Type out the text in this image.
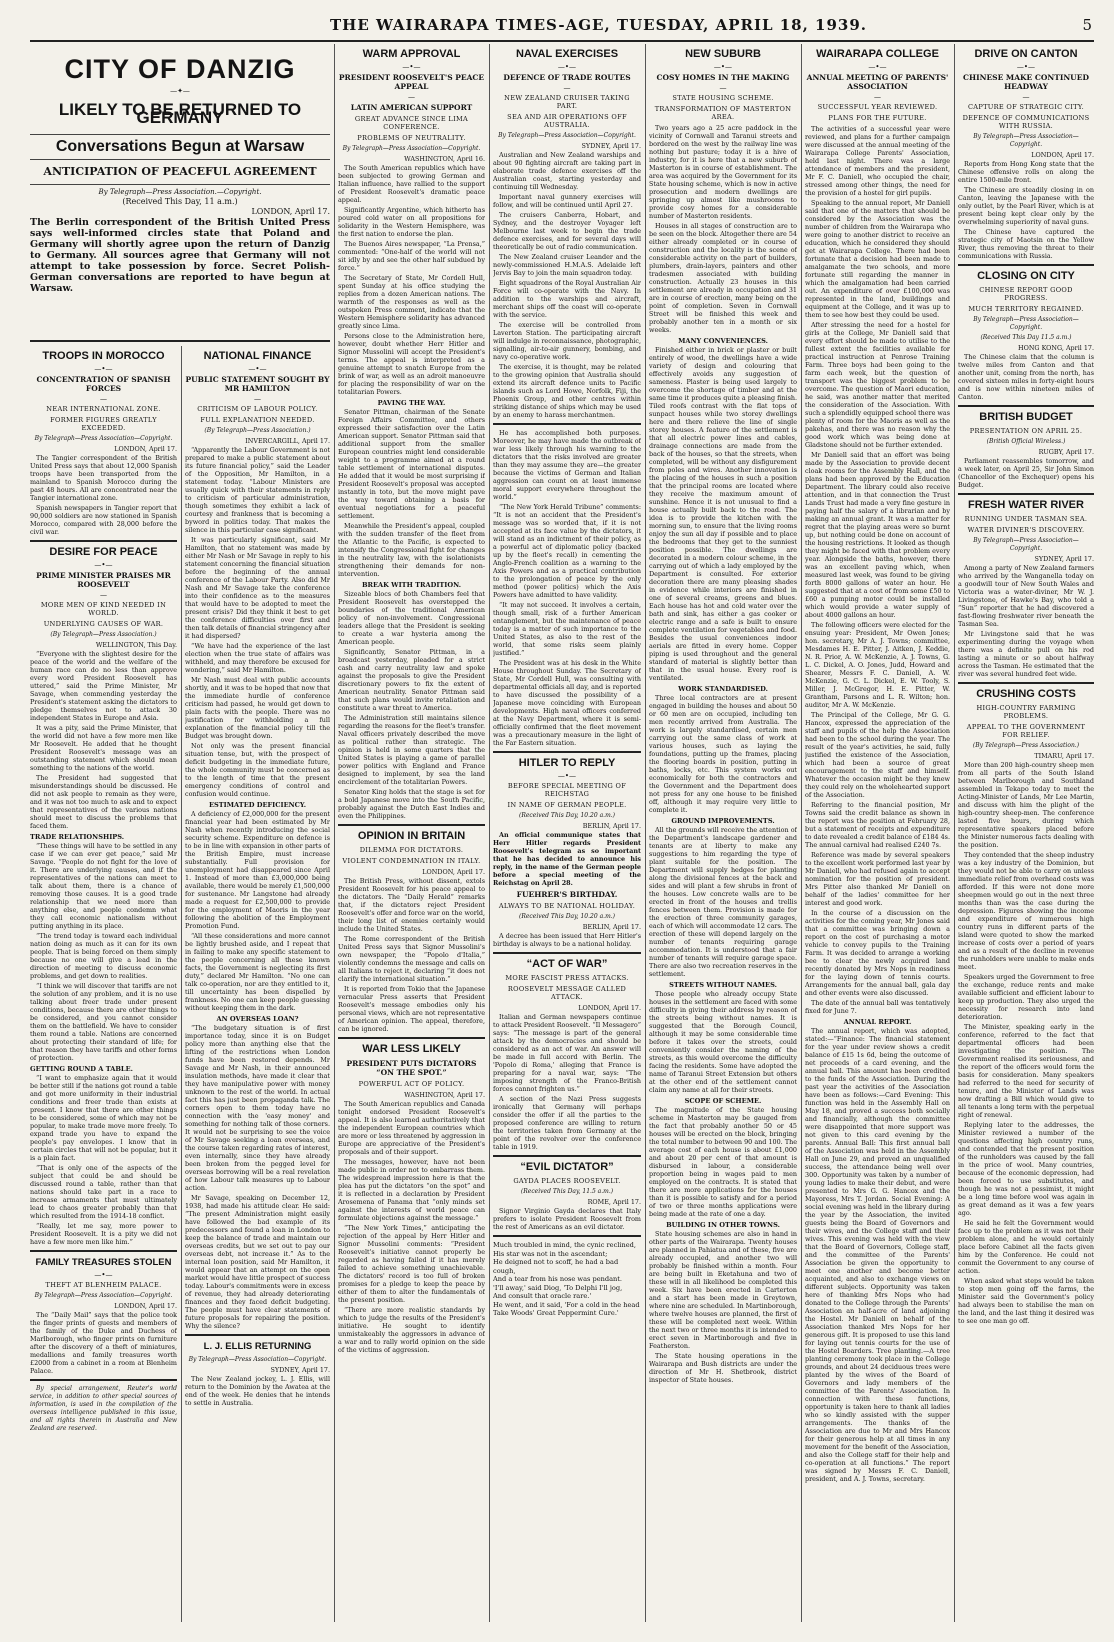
THE WAIRARAPA TIMES-AGE, TUESDAY, APRIL 18, 1939.	5
CITY OF DANZIG
—✦—
LIKELY TO BE RETURNED TO GERMANY
Conversations Begun at Warsaw
ANTICIPATION OF PEACEFUL AGREEMENT
By Telegraph—Press Association.—Copyright.
(Received This Day, 11 a.m.)
LONDON, April 17.
The Berlin correspondent of the British United Press says well-informed circles state that Poland and Germany will shortly agree upon the return of Danzig to Germany. All sources agree that Germany will not attempt to take possession by force. Secret Polish-German conversations are reported to have begun at Warsaw.
TROOPS IN MOROCCO
—•—
CONCENTRATION OF SPANISH FORCES
—
NEAR INTERNATIONAL ZONE.
FORMER FIGURES GREATLY EXCEEDED.
By Telegraph—Press Association—Copyright.
LONDON, April 17.

The Tangier correspondent of the British United Press says that about 12,000 Spanish troops have been transported from the mainland to Spanish Morocco during the past 48 hours. All are concentrated near the Tangier international zone.

Spanish newspapers in Tangier report that 90,000 soldiers are now stationed in Spanish Morocco, compared with 28,000 before the civil war.

DESIRE FOR PEACE
—•—
PRIME MINISTER PRAISES MR ROOSEVELT
—
MORE MEN OF KIND NEEDED IN WORLD.
UNDERLYING CAUSES OF WAR.
(By Telegraph—Press Association.)
WELLINGTON, This Day.

“Everyone with the slightest desire for the peace of the world and the welfare of the human race can do no less than approve every word President Roosevelt has uttered,” said the Prime Minister, Mr Savage, when commending yesterday the President's statement asking the dictators to pledge themselves not to attack 30 independent States in Europe and Asia.

It was a pity, said the Prime Minister, that the world did not have a few more men like Mr Roosevelt. He added that he thought President Roosevelt's message was an outstanding statement which should mean something to the nations of the world.

The President had suggested that misunderstandings should be discussed. He did not ask people to remain as they were, and it was not too much to ask and to expect that representatives of the various nations should meet to discuss the problems that faced them.

TRADE RELATIONSHIPS.

“These things will have to be settled in any case if we can ever get peace,” said Mr Savage. “People do not fight for the love of it. There are underlying causes, and if the representatives of the nations can meet to talk about them, there is a chance of removing those causes. It is a good trade relationship that we need more than anything else, and people condemn what they call economic nationalism without putting anything in its place.

“The trend today is toward each individual nation doing as much as it can for its own people. That is being forced on them simply because no one will give a lead in the direction of meeting to discuss economic problems, and get down to realities.

“I think we will discover that tariffs are not the solution of any problem, and it is no use talking about freer trade under present conditions, because there are other things to be considered, and you cannot consider them on the battlefield. We have to consider them round a table. Nations are concerned about protecting their standard of life; for that reason they have tariffs and other forms of protection.

GETTING ROUND A TABLE.

“I want to emphasize again that it would be better still if the nations got round a table and got more uniformity in their industrial conditions and freer trade than exists at present. I know that there are other things to be considered, some of which may not be popular, to make trade move more freely. To expand trade you have to expand the people's pay envelopes. I know that in certain circles that will not be popular, but it is a plain fact.

“That is only one of the aspects of the subject that could be and should be discussed round a table, rather than that nations should take part in a race to increase armaments that must ultimately lead to chaos greater probably than that which resulted from the 1914-18 conflict.

“Really, let me say, more power to President Roosevelt. It is a pity we did not have a few more men like him.”

FAMILY TREASURES STOLEN
—•—
THEFT AT BLENHEIM PALACE.
By Telegraph—Press Association—Copyright.
LONDON, April 17.

The “Daily Mail” says that the police took the finger prints of guests and members of the family of the Duke and Duchess of Marlborough, who finger prints on furniture after the discovery of a theft of miniatures, medallions and family treasures worth £2000 from a cabinet in a room at Blenheim Palace.

By special arrangement, Reuter's world service, in addition to other special sources of information, is used in the compilation of the overseas intelligence published in this issue, and all rights therein in Australia and New Zealand are reserved.

NATIONAL FINANCE
—•—
PUBLIC STATEMENT SOUGHT BY MR HAMILTON
—
CRITICISM OF LABOUR POLICY.
FULL EXPLANATION NEEDED.
(By Telegraph—Press Association.)
INVERCARGILL, April 17.

“Apparently the Labour Government is not prepared to make a public statement about its future financial policy,” said the Leader of the Opposition, Mr Hamilton, in a statement today. “Labour Ministers are usually quick with their statements in reply to criticism of particular administration, though sometimes they exhibit a lack of courtesy and frankness that is becoming a byword in politics today. That makes the silence in this particular case significant.

It was particularly significant, said Mr Hamilton, that no statement was made by either Mr Nash or Mr Savage in reply to his statement concerning the financial situation before the beginning of the annual conference of the Labour Party. Also did Mr Nash and Mr Savage take the conference into their confidence as to the measures that would have to be adopted to meet the present crisis? Did they think it best to get the conference difficulties over first and then talk details of financial stringency after it had dispersed?

“We have had the experience of the last election when the true state of affairs was withheld, and may therefore be excused for wondering,” said Mr Hamilton.

Mr Nash must deal with public accounts shortly, and it was to be hoped that now that the immediate hurdle of conference criticism had passed, he would get down to plain facts with the people. There was no justification for withholding a full explanation of the financial policy till the Budget was brought down.

Not only was the present financial situation tense, but, with the prospect of deficit budgeting in the immediate future, the whole community must be concerned as to the length of time that the present emergency conditions of control and confusion would continue.

ESTIMATED DEFICIENCY.

A deficiency of £2,000,000 for the present financial year had been estimated by Mr Nash when recently introducing the social security scheme. Expenditure on defence is to be in line with expansion in other parts of the British Empire, must increase substantially. Full provision for unemployment had disappeared since April 1. Instead of more than £3,000,000 being available, there would be merely £1,500,000 for sustenance. Mr Langstone had already made a request for £2,500,000 to provide for the employment of Maoris in the year following the abolition of the Employment Promotion Fund.

“All these considerations and more cannot be lightly brushed aside, and I repeat that in failing to make any specific statement to the people concerning all these known facts, the Government is neglecting its first duty,” declared Mr Hamilton. “No one can talk co-operation, nor are they entitled to it, till uncertainty has been dispelled by frankness. No one can keep people guessing without keeping them in the dark.

AN OVERSEAS LOAN?

“The budgetary situation is of first importance today, since it is on Budget policy more than anything else that the lifting of the restrictions when London funds have been restored depends. Mr Savage and Mr Nash, in their announced insulation methods, have made it clear that they have manipulative power with money unknown to the rest of the world. In actual fact this has just been propaganda talk. The corners open to them today have no connection with the 'easy money' and something for nothing talk of those corners. It would not be surprising to see the voice of Mr Savage seeking a loan overseas, and the course taken regarding rates of interest, even internally, since they have already been broken from the pegged level for overseas borrowing will be a real revelation of how Labour talk measures up to Labour action.

Mr Savage, speaking on December 12, 1938, had made his attitude clear. He said: “The present Administration might easily have followed the bad example of its predecessors and found a loan in London to keep the balance of trade and maintain our overseas credits, but we set out to pay our overseas debt, not increase it.” As to the internal loan position, said Mr Hamilton, it would appear that an attempt on the open market would have little prospect of success today. Labour's commitments were in excess of revenue, they had already deteriorating finances and they faced deficit budgeting. The people must have clear statements of future proposals for repairing the position. Why the silence?

L. J. ELLIS RETURNING
By Telegraph—Press Association—Copyright.
SYDNEY, April 17.

The New Zealand jockey, L. J. Ellis, will return to the Dominion by the Awatea at the end of the week. He denies that he intends to settle in Australia.

WARM APPROVAL
—•—
PRESIDENT ROOSEVELT'S PEACE APPEAL
—
LATIN AMERICAN SUPPORT
GREAT ADVANCE SINCE LIMA CONFERENCE.
PROBLEMS OF NEUTRALITY.
By Telegraph—Press Association—Copyright.
WASHINGTON, April 16.

The South American republics which have been subjected to growing German and Italian influence, have rallied to the support of President Roosevelt's dramatic peace appeal.

Significantly Argentine, which hitherto has poured cold water on all propositions for solidarity in the Western Hemisphere, was the first nation to endorse the plan.

The Buenos Aires newspaper, “La Prensa,” commented: “One-half of the world will not sit idly by and see the other half subdued by force.”

The Secretary of State, Mr Cordell Hull, spent Sunday at his office studying the replies from a dozen American nations. The warmth of the responses as well as the outspoken Press comment, indicate that the Western Hemisphere solidarity has advanced greatly since Lima.

Persons close to the Administration here, however, doubt whether Herr Hitler and Signor Mussolini will accept the President's terms. The appeal is interpreted as a genuine attempt to snatch Europe from the brink of war, as well as an adroit manoeuvre for placing the responsibility of war on the totalitarian Powers.

PAVING THE WAY.

Senator Pittman, chairman of the Senate Foreign Affairs Committee, and others expressed their satisfaction over the Latin American support. Senator Pittman said that additional support from the smaller European countries might lend considerable weight to a programme aimed at a round table settlement of international disputes. He added that it would be most surprising if President Roosevelt's proposal was accepted instantly in toto, but the move might pave the way toward obtaining a basis for eventual negotiations for a peaceful settlement.

Meanwhile the President's appeal, coupled with the sudden transfer of the fleet from the Atlantic to the Pacific, is expected to intensify the Congressional fight for changes in the neutrality law, with the isolationists strengthening their demands for non-intervention.

BREAK WITH TRADITION.

Sizeable blocs of both Chambers feel that President Roosevelt has overstepped the boundaries of the traditional American policy of non-involvement. Congressional leaders allege that the President is seeking to create a war hysteria among the American people.

Significantly, Senator Pittman, in a broadcast yesterday, pleaded for a strict cash and carry neutrality law and spoke against the proposals to give the President discretionary powers to fix the extent of American neutrality. Senator Pittman said that such plans would invite retaliation and constitute a war threat to America.

The Administration still maintains silence regarding the reasons for the fleet's transfer. Naval officers privately described the move as political rather than strategic. The opinion is held in some quarters that the United States is playing a game of parallel power politics with England and France designed to implement, by sea the land encirclement of the totalitarian Powers.

Senator King holds that the stage is set for a bold Japanese move into the South Pacific, probably against the Dutch East Indies and even the Philippines.

OPINION IN BRITAIN
DILEMMA FOR DICTATORS.
VIOLENT CONDEMNATION IN ITALY.
LONDON, April 17.

The British Press, without dissent, extols President Roosevelt for his peace appeal to the dictators. The “Daily Herald” remarks that, if the dictators reject President Roosevelt's offer and force war on the world, their long list of enemies certainly would include the United States.

The Rome correspondent of the British United Press says that Signor Mussolini's own newspaper, the “Popolo d'Italia,” violently condemns the message and calls on all Italians to reject it, declaring “it does not clarify the international situation.”

It is reported from Tokio that the Japanese vernacular Press asserts that President Roosevelt's message embodies only his personal views, which are not representative of American opinion. The appeal, therefore, can be ignored.

WAR LESS LIKELY
PRESIDENT PUTS DICTATORS “ON THE SPOT.”
POWERFUL ACT OF POLICY.
WASHINGTON, April 17.

The South American republics and Canada tonight endorsed President Roosevelt's appeal. It is also learned authoritatively that the independent European countries which are more or less threatened by aggression in Europe are appreciative of the President's proposals and of their support.

The messages, however, have not been made public in order not to embarrass them. The widespread impression here is that the plea has put the dictators “on the spot” and it is reflected in a declaration by President Arosemena of Panama that “only minds set against the interests of world peace can formulate objections against the message.”

“The New York Times,” anticipating the rejection of the appeal by Herr Hitler and Signor Mussolini comments: “President Roosevelt's initiative cannot properly be regarded as having failed if it has merely failed to achieve something unachievable. The dictators' record is too full of broken promises for a pledge to keep the peace by either of them to alter the fundamentals of the present position.

“There are more realistic standards by which to judge the results of the President's initiative. He sought to identify unmistakeably the aggressors in advance of a war and to rally world opinion on the side of the victims of aggression.

NAVAL EXERCISES
—•—
DEFENCE OF TRADE ROUTES
—
NEW ZEALAND CRUISER TAKING PART.
SEA AND AIR OPERATIONS OFF AUSTRALIA.
By Telegraph—Press Association—Copyright.
SYDNEY, April 17.

Australian and New Zealand warships and about 90 fighting aircraft are taking part in elaborate trade defence exercises off the Australian coast, starting yesterday and continuing till Wednesday.

Important naval gunnery exercises will follow, and will be continued until April 27.

The cruisers Canberra, Hobart, and Sydney, and the destroyer Voyager left Melbourne last week to begin the trade defence exercises, and for several days will theoretically be out of radio communication.

The New Zealand cruiser Leander and the newly-commissioned H.M.A.S. Adelaide left Jervis Bay to join the main squadron today.

Eight squadrons of the Royal Australian Air Force will co-operate with the Navy. In addition to the warships and aircraft, merchant ships off the coast will co-operate with the service.

The exercise will be controlled from Laverton Station. The participating aircraft will indulge in reconnaissance, photographic, signalling, air-to-air gunnery, bombing, and navy co-operative work.

The exercise, it is thought, may be related to the growing opinion that Australia should extend its aircraft defence units to Pacific islands such as Lord Howe, Norfolk, Fiji, the Phoenix Group, and other centres within striking distance of ships which may be used by an enemy to harass merchantmen.

He has accomplished both purposes. Moreover, he may have made the outbreak of war less likely through his warning to the dictators that the risks involved are greater than they may assume they are—the greater because the victims of German and Italian aggression can count on at least immense moral support everywhere throughout the world.”

“The New York Herald Tribune” comments: “It is not an accident that the President's message was so worded that, if it is not accepted at its face value by the dictators, it will stand as an indictment of their policy, as a powerful act of diplomatic policy (backed up by the fleet's recall) in cementing the Anglo-French coalition as a warning to the Axis Powers and as a practical contribution to the prolongation of peace by the only method (power politics) which the Axis Powers have admitted to have validity.

“It may not succeed. It involves a certain, though small, risk of a further American entanglement, but the maintenance of peace today is a matter of such importance to the United States, as also to the rest of the world, that some risks seem plainly justified.”

The President was at his desk in the White House throughout Sunday. The Secretary of State, Mr Cordell Hull, was consulting with departmental officials all day, and is reported to have discussed the possibility of a Japanese move coinciding with European developments. High naval officers conferred at the Navy Department, where it is semi-officially confirmed that the fleet movement was a precautionary measure in the light of the Far Eastern situation.

HITLER TO REPLY
—•—
BEFORE SPECIAL MEETING OF REICHSTAG
IN NAME OF GERMAN PEOPLE.
(Received This Day, 10.20 a.m.)
BERLIN, April 17.

An official communique states that Herr Hitler regards President Roosevelt's telegram as so important that he has decided to announce his reply, in the name of the German people before a special meeting of the Reichstag on April 28.

FUEHRER'S BIRTHDAY.
ALWAYS TO BE NATIONAL HOLIDAY.
(Received This Day, 10.20 a.m.)
BERLIN, April 17.

A decree has been issued that Herr Hitler's birthday is always to be a national holiday.

“ACT OF WAR”
MORE FASCIST PRESS ATTACKS.
ROOSEVELT MESSAGE CALLED ATTACK.
LONDON, April 17.

Italian and German newspapers continue to attack President Roosevelt. “Il Messagero” says: “The message is part of the general attack by the democracies and should be considered as an act of war. An answer will be made in full accord with Berlin. The 'Popolo di Roma,' alleging that France is preparing for a naval war, says: “The imposing strength of the Franco-British forces cannot frighten us.”

A section of the Nazi Press suggests ironically that Germany will perhaps consider the offer if all the parties to the proposed conference are willing to return the territories taken from Germany at the point of the revolver over the conference table in 1919.

“EVIL DICTATOR”
GAYDA PLACES ROOSEVELT.
(Received This Day, 11.5 a.m.)
ROME, April 17.

Signor Virginio Gayda declares that Italy prefers to isolate President Roosevelt from the rest of Americans as an evil dictator.

Much troubled in mind, the cynic reclined,
His star was not in the ascendant;
He deigned not to scoff, he had a bad cough,
And a tear from his nose was pendant.
'I'll away,' said Diog, 'To Delphi I'll jog,
And consult that oracle rare.'
He went, and it said, 'For a cold in the head
Take Woods' Great Peppermint Cure.'
NEW SUBURB
—•—
COSY HOMES IN THE MAKING
—
STATE HOUSING SCHEME.
TRANSFORMATION OF MASTERTON AREA.

Two years ago a 25 acre paddock in the vicinity of Cornwall and Taranui streets and bordered on the west by the railway line was nothing but pasture; today it is a hive of industry, for it is here that a new suburb of Masterton is in course of establishment. The area was acquired by the Government for its State housing scheme, which is now in active prosecution and modern dwellings are springing up almost like mushrooms to provide cosy homes for a considerable number of Masterton residents.

Houses in all stages of construction are to be seen on the block. Altogether there are 54 either already completed or in course of construction and the locality is the scene of considerable activity on the part of builders, plumbers, drain-layers, painters and other tradesmen associated with building construction. Actually 23 houses in this settlement are already in occupation and 31 are in course of erection, many being on the point of completion. Seven in Cornwall Street will be finished this week and probably another ten in a month or six weeks.

MANY CONVENIENCES.

Finished either in brick or plaster or built entirely of wood, the dwellings have a wide variety of design and colouring that effectively avoids any suggestion of sameness. Plaster is being used largely to overcome the shortage of timber and at the same time it produces quite a pleasing finish. Tiled roofs contrast with the flat tops of sunpact houses while two storey dwellings here and there relieve the line of single storey houses. A feature of the settlement is that all electric power lines and cables, drainage connections are made from the back of the houses, so that the streets, when completed, will be without any disfigurement from poles and wires. Another innovation is the placing of the houses in such a position that the principal rooms are located where they receive the maximum amount of sunshine. Hence it is not unusual to find a house actually built back to the road. The idea is to provide the kitchen with the morning sun, to ensure that the living rooms enjoy the sun all day if possible and to place the bedrooms that they get to the sunniest position possible. The dwellings are decorated in a modern colour scheme, in the carrying out of which a lady employed by the Department is consulted. For exterior decoration there are many pleasing shades in evidence while interiors are finished in one of several creams, greens and blues. Each house has hot and cold water over the bath and sink, has either a gas cooker or electric range and a safe is built to ensure complete ventilation for vegetables and food. Besides the usual conveniences indoor aerials are fitted in every home. Copper piping is used throughout and the general standard of material is slightly better than that in the usual house. Every roof is ventilated.

WORK STANDARDISED.

Three local contractors are at present engaged in building the houses and about 50 or 60 men are on occupied, including ten men recently arrived from Australia. The work is largely standardised, certain men carrying out the same class of work at various houses, such as laying the foundations, putting up the frames, placing the flooring boards in position, putting in baths, locks, etc. This system works out economically for both the contractors and the Government and the Department does not press for any one house to be finished off, although it may require very little to complete it.

GROUND IMPROVEMENTS.

All the grounds will receive the attention of the Department's landscape gardener and tenants are at liberty to make any suggestions to him regarding the type of plant suitable for the position. The Department will supply hedges for planting along the divisional fences at the back and sides and will plant a few shrubs in front of the houses. Low concrete walls are to be erected in front of the houses and trellis fences between them. Provision is made for the erection of three community garages, each of which will accommodate 12 cars. The erection of these will depend largely on the number of tenants requiring garage accommodation. It is understood that a fair number of tenants will require garage space. There are also two recreation reserves in the settlement.

STREETS WITHOUT NAMES.

Those people who already occupy State houses in the settlement are faced with some difficulty in giving their address by reason of the streets being without names. It is suggested that the Borough Council, although it may be some considerable time before it takes over the streets, could conveniently consider the naming of the streets, as this would overcome the difficulty facing the residents. Some have adopted the name of Taranui Street Extension but others at the other end of the settlement cannot claim any name at all for their streets.

SCOPE OF SCHEME.

The magnitude of the State housing scheme in Masterton may be gauged from the fact that probably another 50 or 45 houses will be erected on the block, bringing the total number to between 90 and 100. The average cost of each house is about £1,000 and about 20 per cent of that amount is disbursed in labour, a considerable proportion being in wages paid to men employed on the contracts. It is stated that there are more applications for the houses than it is possible to satisfy and for a period of two or three months applications were being made at the rate of one a day.

BUILDING IN OTHER TOWNS.

State housing schemes are also in hand in other parts of the Wairarapa. Twenty houses are planned in Pahiatua and of these, five are already occupied, and another two will probably be finished within a month. Four are being built in Eketahuna and two of these will in all likelihood be completed this week. Six have been erected in Carterton and a start has been made in Greytown, where nine are scheduled. In Martinborough, where twelve houses are planned, the first of these will be completed next week. Within the next two or three months it is intended to erect seven in Martinborough and five in Featherston.

The State housing operations in the Wairarapa and Bush districts are under the direction of Mr H. Shetbrook, district inspector of State houses.

WAIRARAPA COLLEGE
—•—
ANNUAL MEETING OF PARENTS' ASSOCIATION
—
SUCCESSFUL YEAR REVIEWED.
PLANS FOR THE FUTURE.

The activities of a successful year were reviewed, and plans for a further campaign were discussed at the annual meeting of the Wairarapa College Parents' Association, held last night. There was a large attendance of members and the president, Mr F. C. Daniell, who occupied the chair, stressed among other things, the need for the provision of a hostel for girl pupils.

Speaking to the annual report, Mr Daniell said that one of the matters that should be considered by the Association was the number of children from the Wairarapa who were going to another district to receive an education, which he considered they should get at Wairarapa College. There had been fortunate that a decision had been made to amalgamate the two schools, and more fortunate still regarding the manner in which the amalgamation had been carried out. An expenditure of over £100,000 was represented in the land, buildings and equipment at the College, and it was up to them to see how best they could be used.

After stressing the need for a hostel for girls at the College, Mr Daniell said that every effort should be made to utilise to the fullest extent the facilities available for practical instruction at Penrose Training Farm. Three boys had been going to the farm each week, but the question of transport was the biggest problem to be overcome. The question of Maori education, he said, was another matter that merited the consideration of the Association. With such a splendidly equipped school there was plenty of room for the Maoris as well as the pakehas, and there was no reason why the good work which was being done at Gladstone should not be further extended.

Mr Daniell said that an effort was being made by the Association to provide decent cloak rooms for the Assembly Hall, and the plans had been approved by the Education Department. The library could also receive attention, and in that connection the Trust Lands Trust had made a very fine gesture in paying half the salary of a librarian and by making an annual grant. It was a matter for regret that the playing areas were so burnt up, but nothing could be done on account of the housing restrictions. It looked as though they might be faced with that problem every year. Alongside the baths, however, there was an excellent paving which, when measured last week, was found to be giving forth 8000 gallons of water an hour. He suggested that at a cost of from some £50 to £60 a pumping motor could be installed which would provide a water supply of about 4000 gallons an hour.

The following officers were elected for the ensuing year: President, Mr Owen Jones; hon. secretary, Mr A. J. Towns; committee, Mesdames H. E. Pitter, J. Aitken, J. Keddie, N. R. Prior, A. W. McKenzie, A. J. Towns, G. L. C. Dickel, A. O. Jones, Judd, Howard and Shearer, Messrs F. C. Daniell, A. W. McKenzie, G. C. L. Dickel, E. W. Tooly, S. Miller, J. McGregor, H. E. Pitter, W. Grantham, Parsons and L. R. Wilton; hon. auditor, Mr A. W. McKenzie.

The Principal of the College, Mr G. G. Hancox, expressed the appreciation of the staff and pupils of the help the Association had been to the school during the year. The result of the year's activities, he said, fully justified the existence of the Association, which had been a source of great encouragement to the staff and himself. Whatever the occasion might be they knew they could rely on the wholehearted support of the Association.

Referring to the financial position, Mr Towns said the credit balance as shown in the report was the position at February 28, but a statement of receipts and expenditure to date revealed a credit balance of £184 4s. The annual carnival had realised £240 7s.

Reference was made by several speakers to the excellent work performed last year by Mr Daniell, who had refused again to accept nomination for the position of president. Mrs Pitter also thanked Mr Daniell on behalf of the ladies' committee for her interest and good work.

In the course of a discussion on the activities for the coming year, Mr Jones said that a committee was bringing down a report on the cost of purchasing a motor vehicle to convey pupils to the Training Farm. It was decided to arrange a working bee to clear the newly acquired land recently donated by Mrs Nops in readiness for the laying down of tennis courts. Arrangements for the annual ball, gala day and other events were also discussed.

The date of the annual ball was tentatively fixed for June 7.

ANNUAL REPORT.

The annual report, which was adopted, stated:—“Finance: The financial statement for the year under review shows a credit balance of £15 1s 6d, being the outcome of net proceeds of a card evening, and the annual ball. This amount has been credited to the funds of the Association. During the past year the activities of the Association have been as follows:—Card Evening: This function was held in the Assembly Hall on May 18, and proved a success both socially and financially, although the committee were disappointed that more support was not given to this card evening by the parents. Annual Ball: This first annual ball of the Association was held in the Assembly Hall on June 29, and proved an unqualified success, the attendance being well over 300. Opportunity was taken by a number of young ladies to make their debut, and were presented to Mrs G. G. Hancox and the Mayoress, Mrs T. Jordan. Social Evening: A social evening was held in the library during the year by the Association, the invited guests being the Board of Governors and their wives, and the College staff and their wives. This evening was held with the view that the Board of Governors, College staff, and the committee of the Parents' Association be given the opportunity to meet one another and become better acquainted, and also to exchange views on different subjects. Opportunity was taken here of thanking Mrs Nops who had donated to the College through the Parents' Association an half-acre of land adjoining the Hostel. Mr Daniell on behalf of the Association thanked Mrs Nops for her generous gift. It is proposed to use this land for laying out tennis courts for the use of the Hostel Boarders. Tree planting.—A tree planting ceremony took place in the College grounds, and about 24 deciduous trees were planted by the wives of the Board of Governors and lady members of the committee of the Parents' Association. In connection with these functions, opportunity is taken here to thank all ladies who so kindly assisted with the supper arrangements. The thanks of the Association are due to Mr and Mrs Hancox for their generous help at all times in any movement for the benefit of the Association, and also the College staff for their help and co-operation at all functions.” The report was signed by Messrs F. C. Daniell, president, and A. J. Towns, secretary.

DRIVE ON CANTON
—•—
CHINESE MAKE CONTINUED HEADWAY
—
CAPTURE OF STRATEGIC CITY.
DEFENCE OF COMMUNICATIONS WITH RUSSIA.
By Telegraph—Press Association—Copyright.
LONDON, April 17.

Reports from Hong Kong state that the Chinese offensive rolls on along the entire 1500-mile front.

The Chinese are steadily closing in on Canton, leaving the Japanese with the only outlet, by the Pearl River, which is at present being kept clear only by the overwhelming superiority of naval guns.

The Chinese have captured the strategic city of Maotsin on the Yellow River, thus removing the threat to their communications with Russia.

CLOSING ON CITY
CHINESE REPORT GOOD PROGRESS.
MUCH TERRITORY REGAINED.
By Telegraph—Press Association—Copyright.
(Received This Day 11.5 a.m.)
HONG KONG, April 17.

The Chinese claim that the column is twelve miles from Canton and that another unit, coming from the north, has covered sixteen miles in forty-eight hours and is now within nineteen miles of Canton.

BRITISH BUDGET
PRESENTATION ON APRIL 25.
(British Official Wireless.)
RUGBY, April 17.

Parliament reassembles tomorrow, and a week later, on April 25, Sir John Simon (Chancellor of the Exchequer) opens his Budget.

FRESH WATER RIVER
RUNNING UNDER TASMAN SEA.
WATER DIVINER'S DISCOVERY.
By Telegraph—Press Association—Copyright.
SYDNEY, April 17.

Among a party of New Zealand farmers who arrived by the Wanganella today on a goodwill tour of New South Wales and Victoria was a water-diviner, Mr W. J. Livingstone, of Hawke's Bay, who told a “Sun” reporter that he had discovered a fast-flowing freshwater river beneath the Tasman Sea.

Mr Livingstone said that he was experimenting during the voyage when there was a definite pull on his rod lasting a minute or so about halfway across the Tasman. He estimated that the river was several hundred feet wide.

CRUSHING COSTS
HIGH-COUNTRY FARMING PROBLEMS.
APPEAL TO THE GOVERNMENT FOR RELIEF.
(By Telegraph—Press Association.)
TIMARU, April 17.

More than 200 high-country sheep men from all parts of the South Island between Marlborough and Southland assembled in Tekapo today to meet the Acting-Minister of Lands, Mr Lee Martin, and discuss with him the plight of the high-country sheep-men. The conference lasted five hours, during which representative speakers placed before the Minister numerous facts dealing with the position.

They contended that the sheep industry was a key industry of the Dominion, but they would not be able to carry on unless immediate relief from overhead costs was afforded. If this were not done more sheepmen would go out in the next three months than was the case during the depression. Figures showing the income and expenditure of numerous high country runs in different parts of the island were quoted to show the marked increase of costs over a period of years and as a result of the decline in revenue the runholders were unable to make ends meet.

Speakers urged the Government to free the exchange, reduce rents and make available sufficient and efficient labour to keep up production. They also urged the necessity for research into land deterioration.

The Minister, speaking early in the conference, referred to the fact that departmental officers had been investigating the position. The Government realised its seriousness, and the report of the officers would form the basis for consideration. Many speakers had referred to the need for security of tenure, and the Minister of Lands was now drafting a Bill which would give to all tenants a long term with the perpetual right of renewal.

Replying later to the addresses, the Minister reviewed a number of the questions affecting high country runs, and contended that the present position of the runholders was caused by the fall in the price of wool. Many countries, because of the economic depression, had been forced to use substitutes, and though he was not a pessimist, it might be a long time before wool was again in as great demand as it was a few years ago.

He said he felt the Government would face up to the problem as it was not their problem alone, and he would certainly place before Cabinet all the facts given him by the Conference. He could not commit the Government to any course of action.

When asked what steps would be taken to stop men going off the farms, the Minister said the Government's policy had always been to stabilise the man on the land, and the last thing it desired was to see one man go off.
